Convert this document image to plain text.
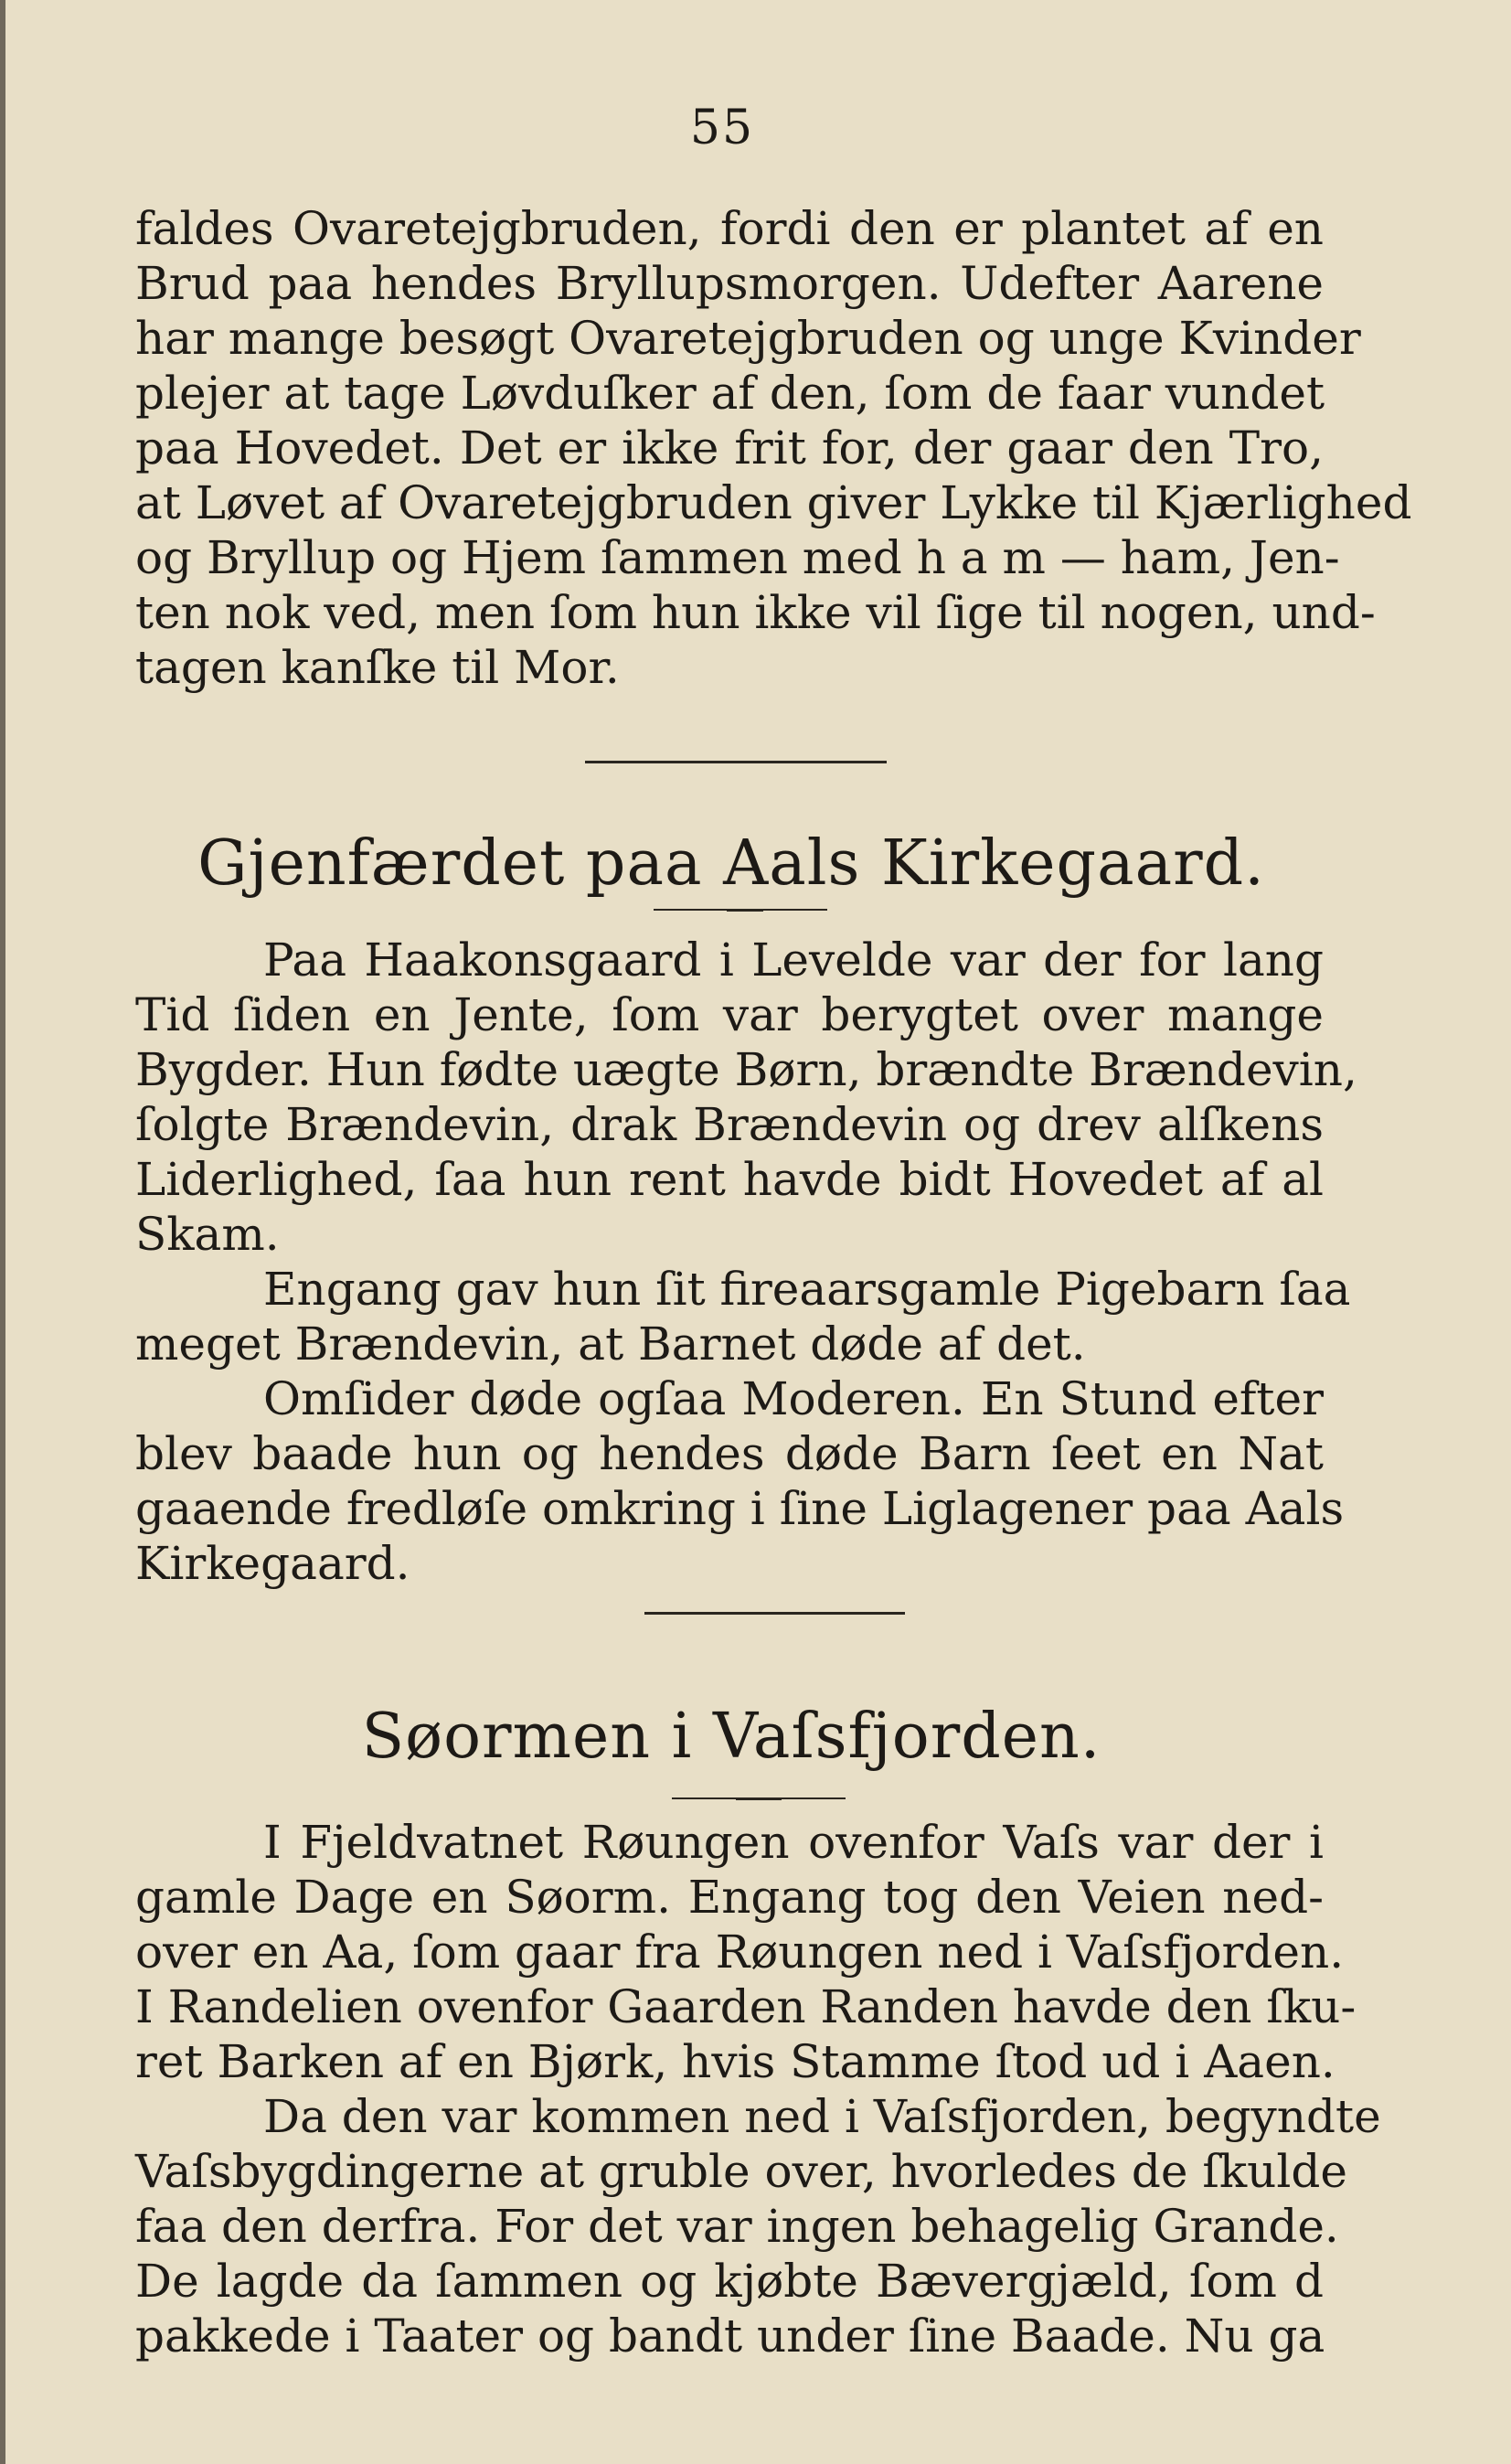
55
faldes Ovaretejgbruden, fordi den er plantet af en
Brud paa hendes Bryllupsmorgen. Udefter Aarene
har mange besøgt Ovaretejgbruden og unge Kvinder
plejer at tage Løvduſker af den, ſom de faar vundet
paa Hovedet. Det er ikke frit for, der gaar den Tro,
at Løvet af Ovaretejgbruden giver Lykke til Kjærlighed
og Bryllup og Hjem ſammen med h a m — ham, Jen-
ten nok ved, men ſom hun ikke vil ſige til nogen, und-
tagen kanſke til Mor.
Gjenfærdet paa Aals Kirkegaard.
Paa Haakonsgaard i Levelde var der for lang
Tid ſiden en Jente, ſom var berygtet over mange
Bygder. Hun fødte uægte Børn, brændte Brændevin,
ſolgte Brændevin, drak Brændevin og drev alſkens
Liderlighed, ſaa hun rent havde bidt Hovedet af al
Skam.
Engang gav hun ſit fireaarsgamle Pigebarn ſaa
meget Brændevin, at Barnet døde af det.
Omſider døde ogſaa Moderen. En Stund efter
blev baade hun og hendes døde Barn ſeet en Nat
gaaende fredløſe omkring i ſine Liglagener paa Aals
Kirkegaard.
Søormen i Vaſsfjorden.
I Fjeldvatnet Røungen ovenfor Vaſs var der i
gamle Dage en Søorm. Engang tog den Veien ned-
over en Aa, ſom gaar fra Røungen ned i Vaſsfjorden.
I Randelien ovenfor Gaarden Randen havde den ſku-
ret Barken af en Bjørk, hvis Stamme ſtod ud i Aaen.
Da den var kommen ned i Vaſsfjorden, begyndte
Vaſsbygdingerne at gruble over, hvorledes de ſkulde
faa den derfra. For det var ingen behagelig Grande.
De lagde da ſammen og kjøbte Bævergjæld, ſom d
pakkede i Taater og bandt under ſine Baade. Nu ga
